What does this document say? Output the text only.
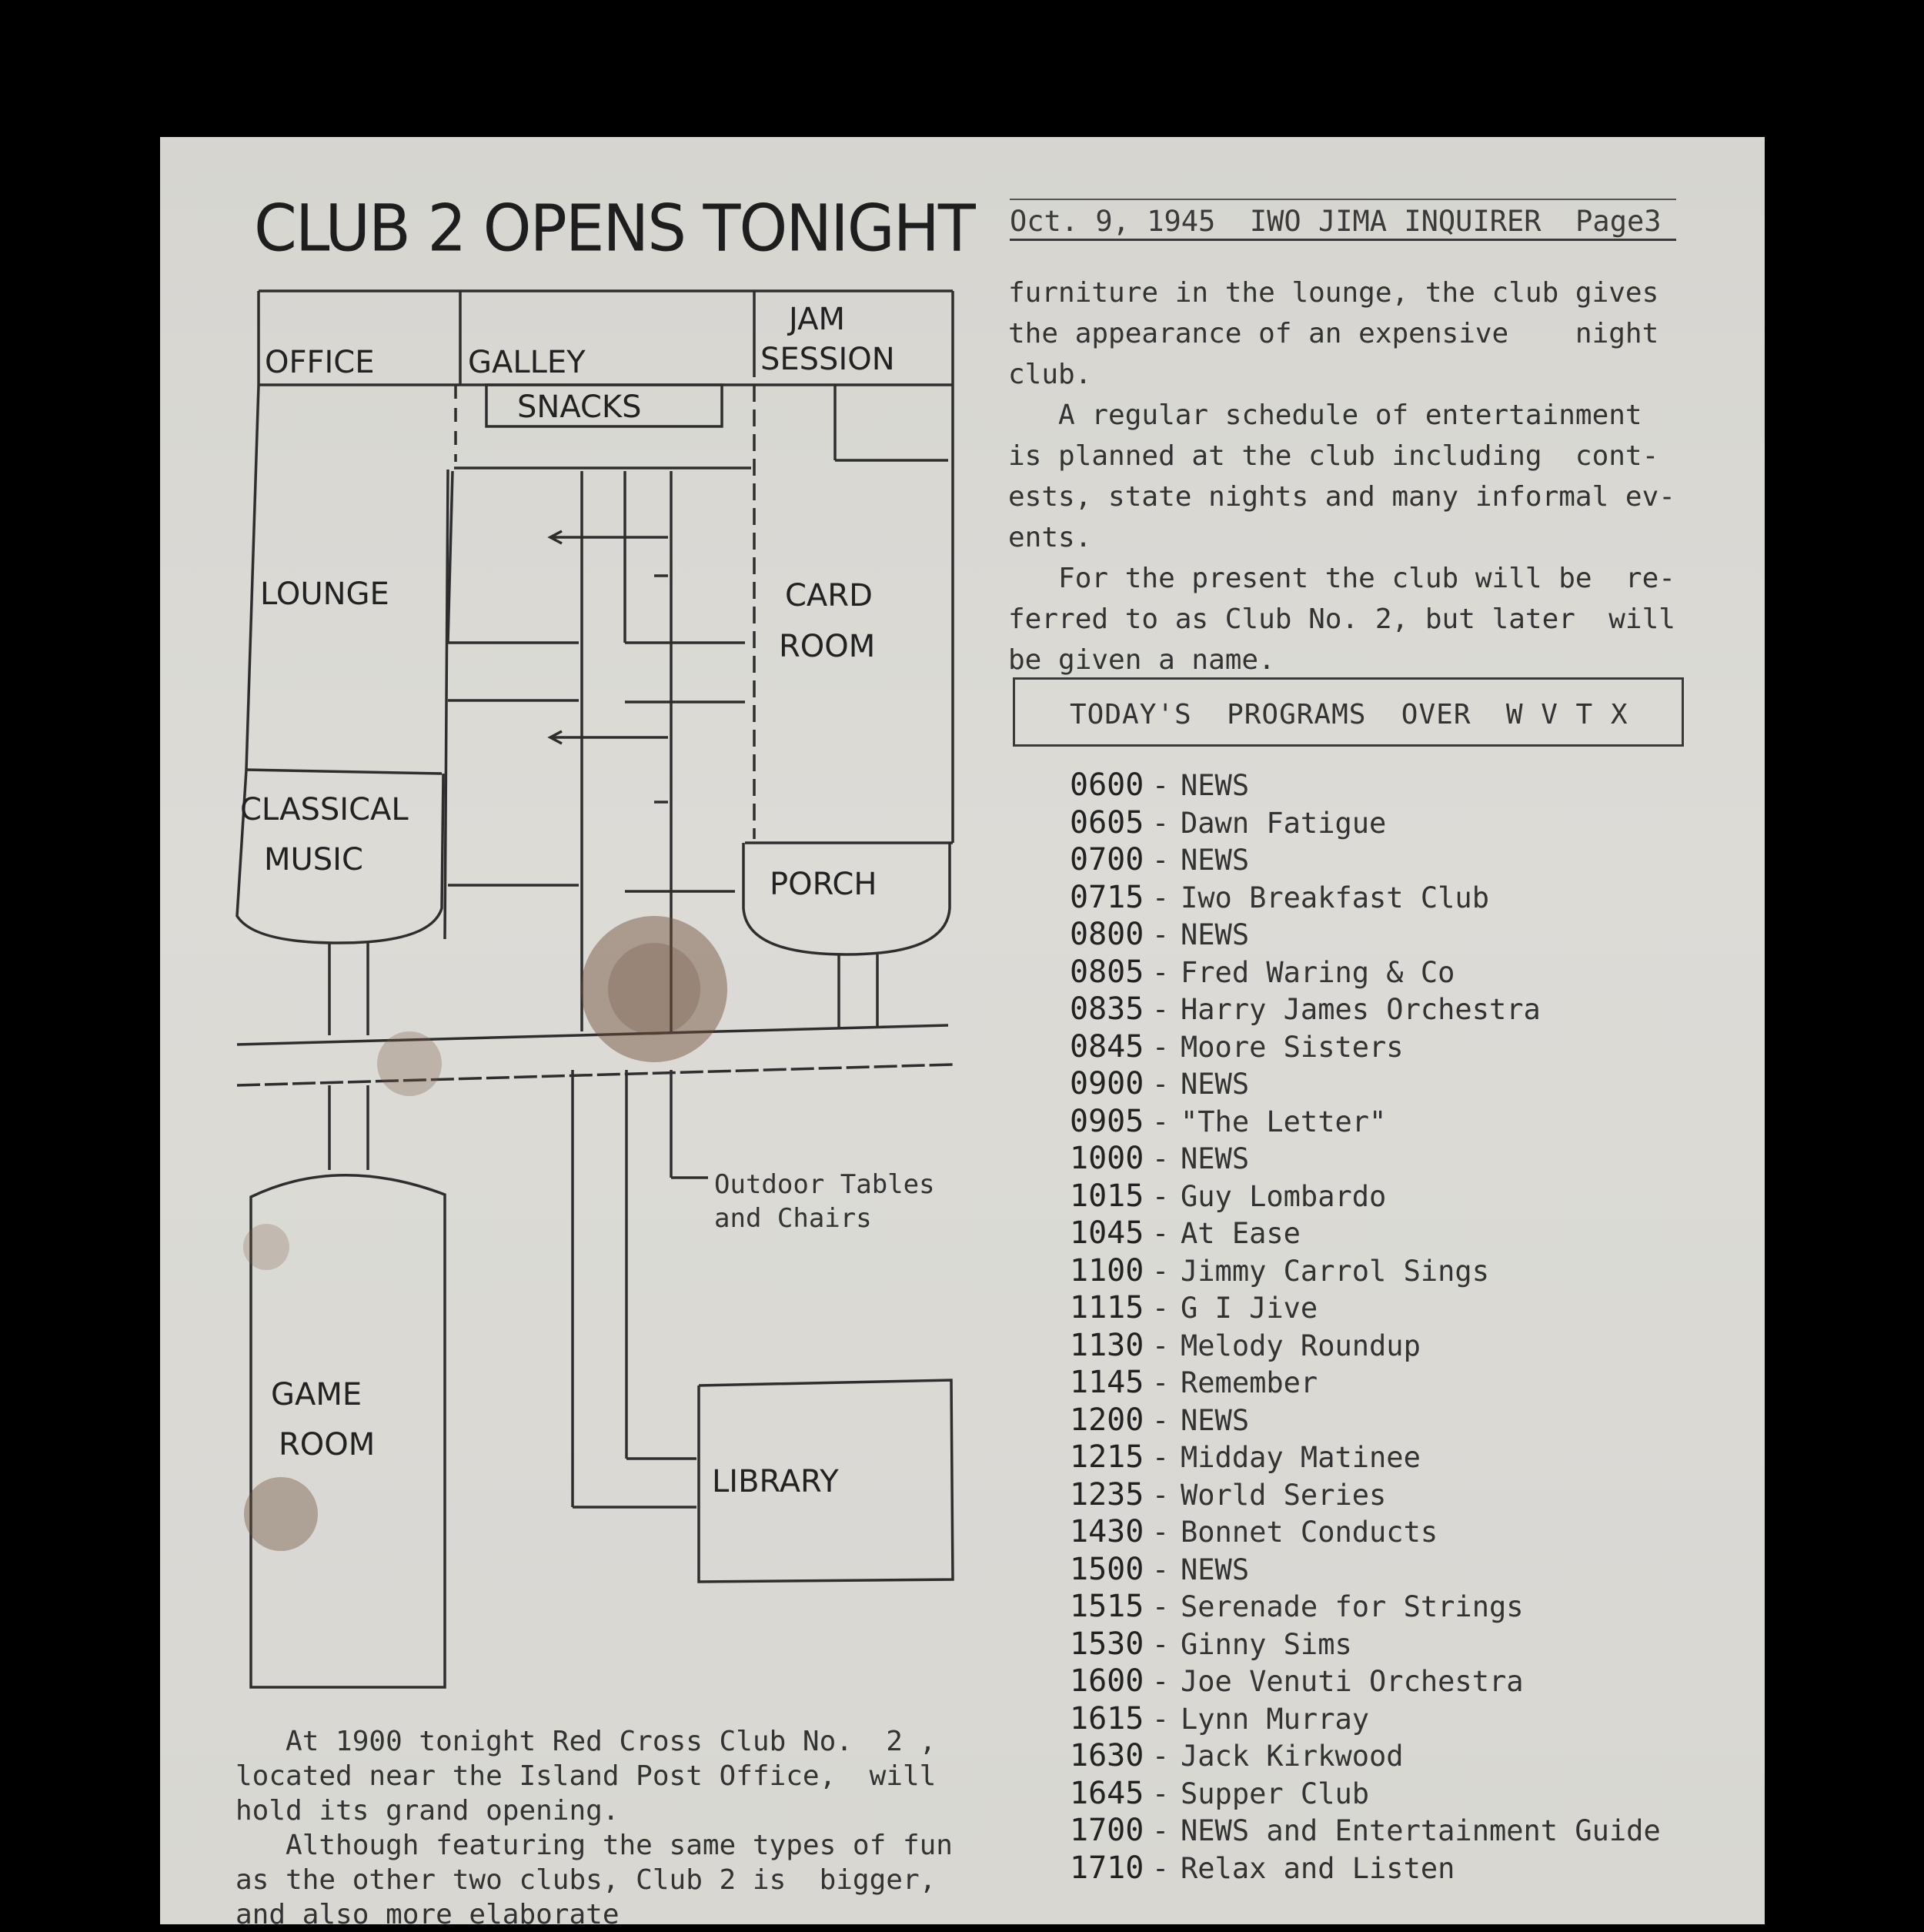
CLUB 2 OPENS TONIGHT Oct. 9, 1945 IWO JIMA INQUIRER Page3
OFFICE	GALLEY
JAM
SESSION
SNACKS
LOUNGE	CARD
ROOM
CLASSICAL
MUSIC
PORCH
GAME
ROOM
LIBRARY
Outdoor Tables
and Chairs
furniture in the lounge, the club gives
the appearance of an expensive    night
club.
A regular schedule of entertainment
is planned at the club including  cont-
ests, state nights and many informal ev-
ents.
For the present the club will be  re-
ferred to as Club No. 2, but later  will
be given a name.
TODAY'S  PROGRAMS  OVER  W V T X
0600 - NEWS
0605 - Dawn Fatigue
0700 - NEWS
0715 - Iwo Breakfast Club
0800 - NEWS
0805 - Fred Waring & Co
0835 - Harry James Orchestra
0845 - Moore Sisters
0900 - NEWS
0905 - "The Letter"
1000 - NEWS
1015 - Guy Lombardo
1045 - At Ease
1100 - Jimmy Carrol Sings
1115 - G I Jive
1130 - Melody Roundup
1145 - Remember
1200 - NEWS
1215 - Midday Matinee
1235 - World Series
1430 - Bonnet Conducts
1500 - NEWS
1515 - Serenade for Strings
1530 - Ginny Sims
1600 - Joe Venuti Orchestra
1615 - Lynn Murray
1630 - Jack Kirkwood
1645 - Supper Club
1700 - NEWS and Entertainment Guide
1710 - Relax and Listen
At 1900 tonight Red Cross Club No.  2 ,
located near the Island Post Office,  will
hold its grand opening.
Although featuring the same types of fun
as the other two clubs, Club 2 is  bigger,
and also more elaborate
